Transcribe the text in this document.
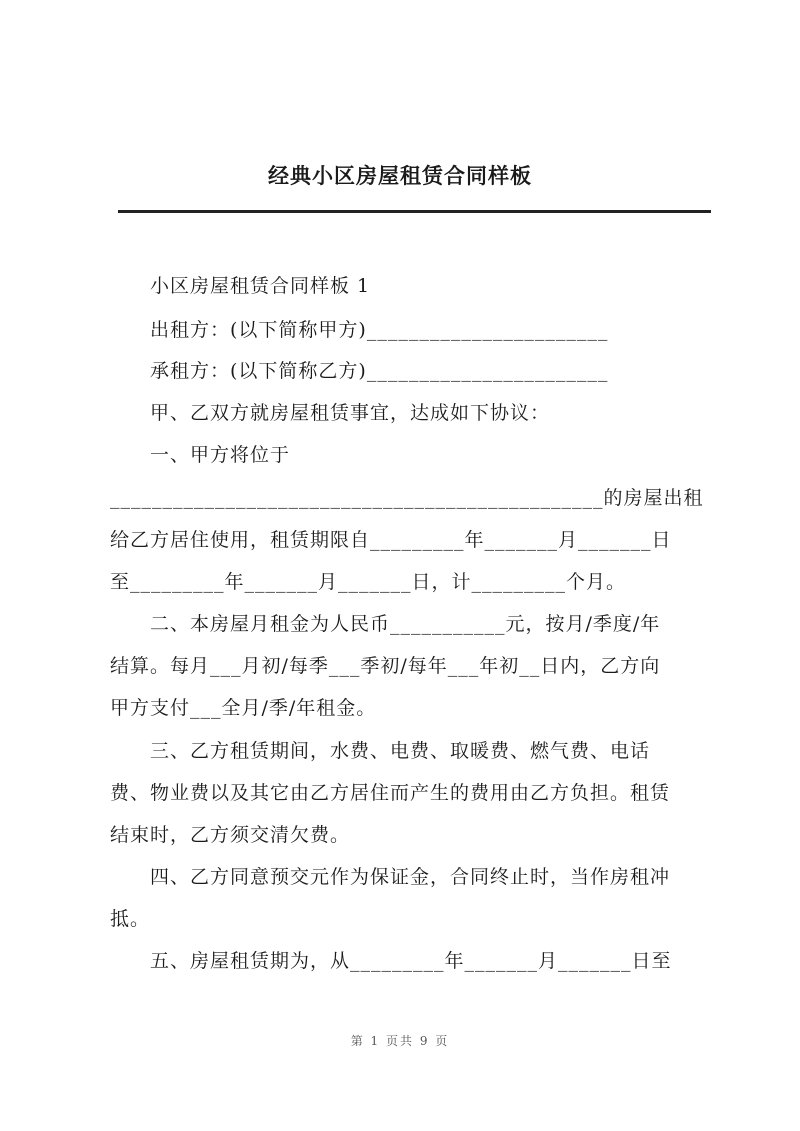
经典小区房屋租赁合同样板
小区房屋租赁合同样板 1
出租方：(以下简称甲方)_______________________
承租方：(以下简称乙方)_______________________
甲、乙双方就房屋租赁事宜，达成如下协议：
一、甲方将位于
_______________________________________________的房屋出租
给乙方居住使用，租赁期限自_________年_______月_______日
至_________年_______月_______日，计_________个月。
二、本房屋月租金为人民币___________元，按月/季度/年
结算。每月___月初/每季___季初/每年___年初__日内，乙方向
甲方支付___全月/季/年租金。
三、乙方租赁期间，水费、电费、取暖费、燃气费、电话
费、物业费以及其它由乙方居住而产生的费用由乙方负担。租赁
结束时，乙方须交清欠费。
四、乙方同意预交元作为保证金，合同终止时，当作房租冲
抵。
五、房屋租赁期为，从_________年_______月_______日至
第 1 页共 9 页
